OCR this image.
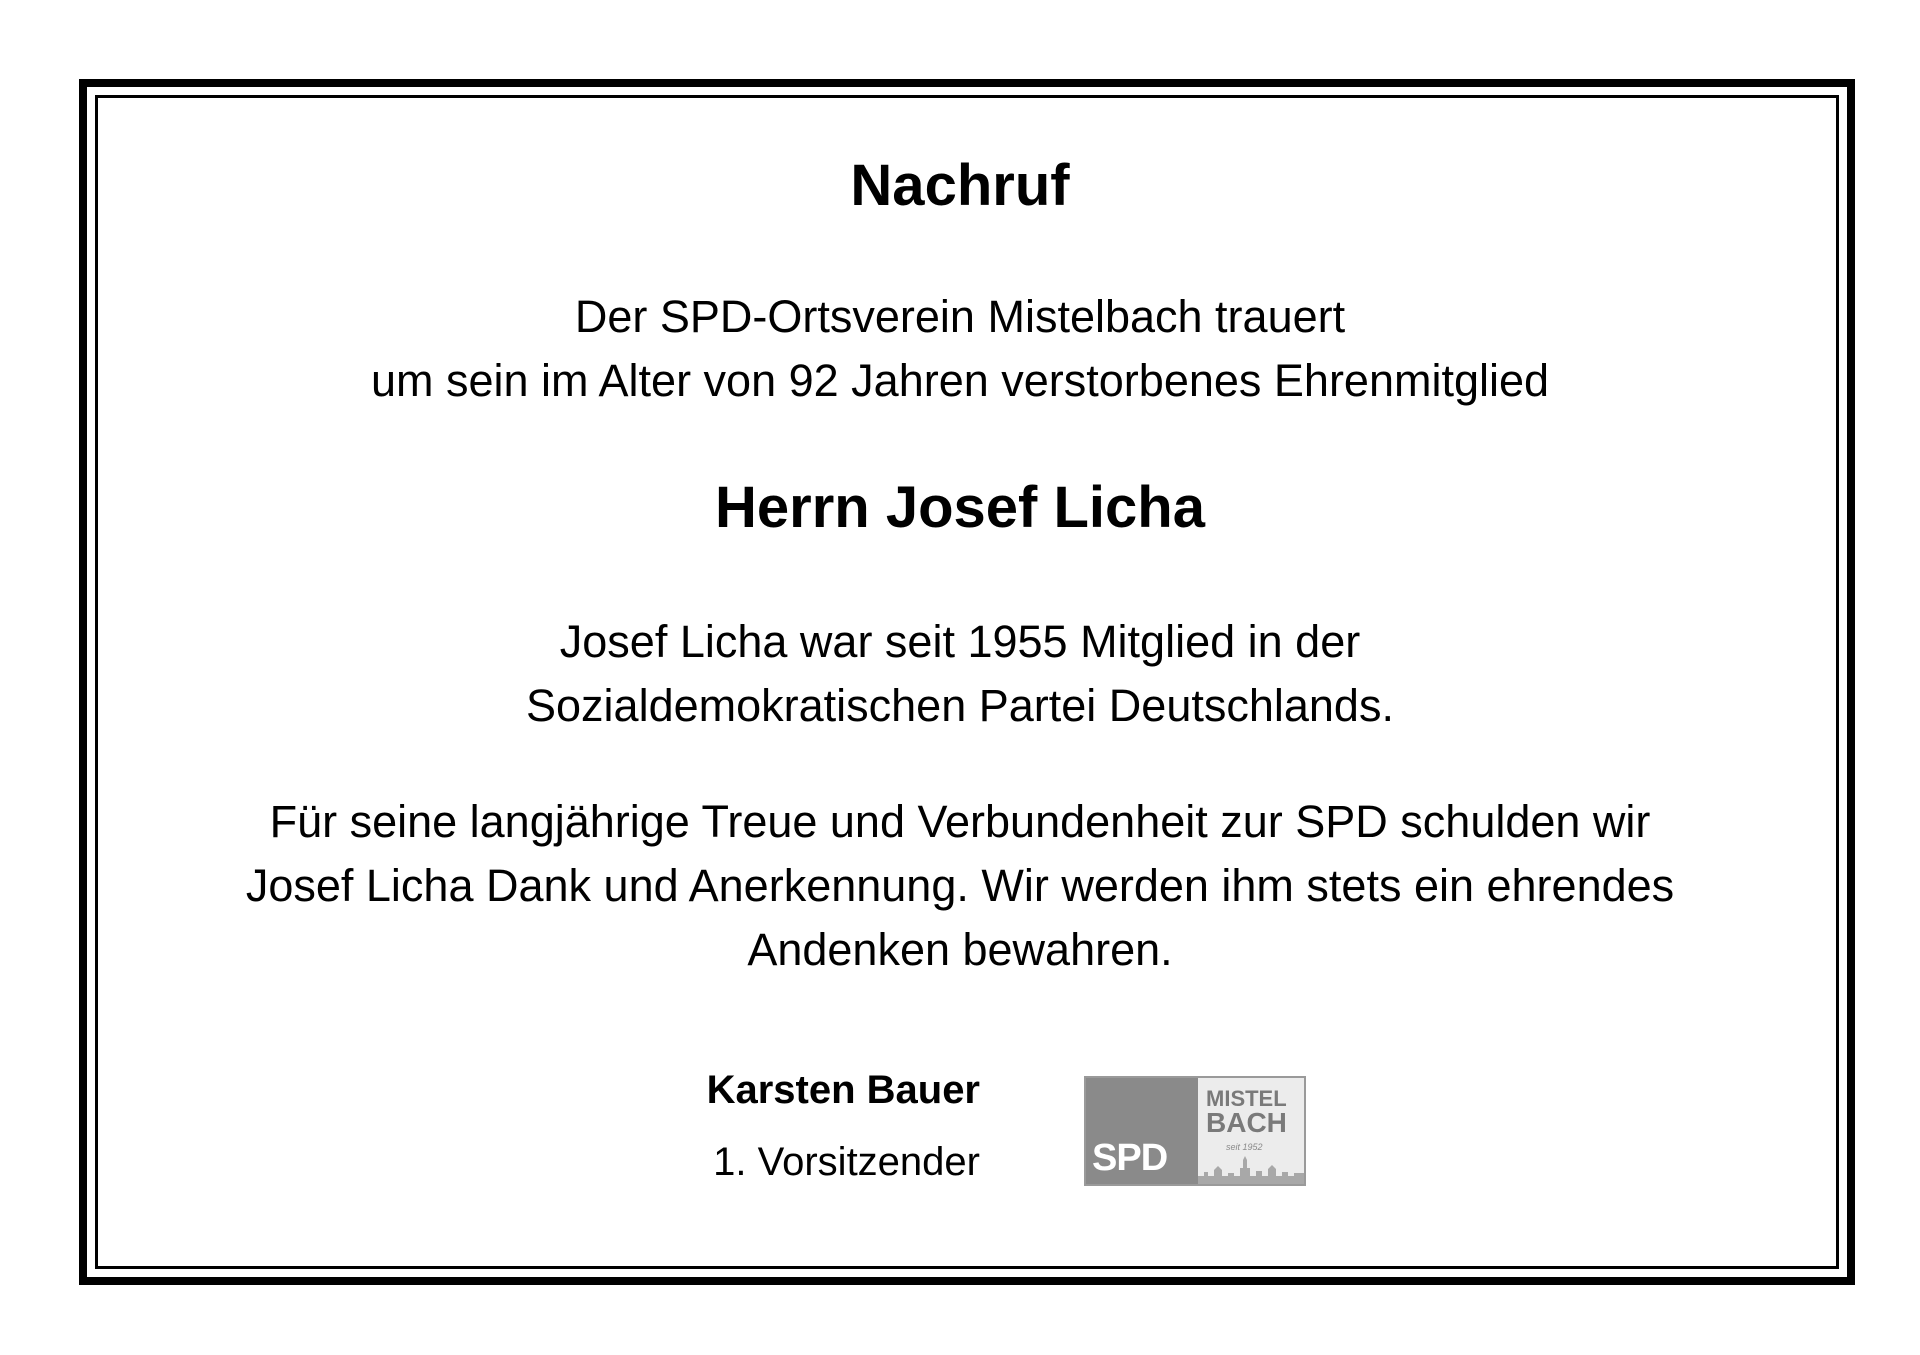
Nachruf
Der SPD-Ortsverein Mistelbach trauert
um sein im Alter von 92 Jahren verstorbenes Ehrenmitglied
Herrn Josef Licha
Josef Licha war seit 1955 Mitglied in der
Sozialdemokratischen Partei Deutschlands.
Für seine langjährige Treue und Verbundenheit zur SPD schulden wir
Josef Licha Dank und Anerkennung. Wir werden ihm stets ein ehrendes
Andenken bewahren.
Karsten Bauer
1. Vorsitzender	SPD
MISTEL
BACH
seit 1952
